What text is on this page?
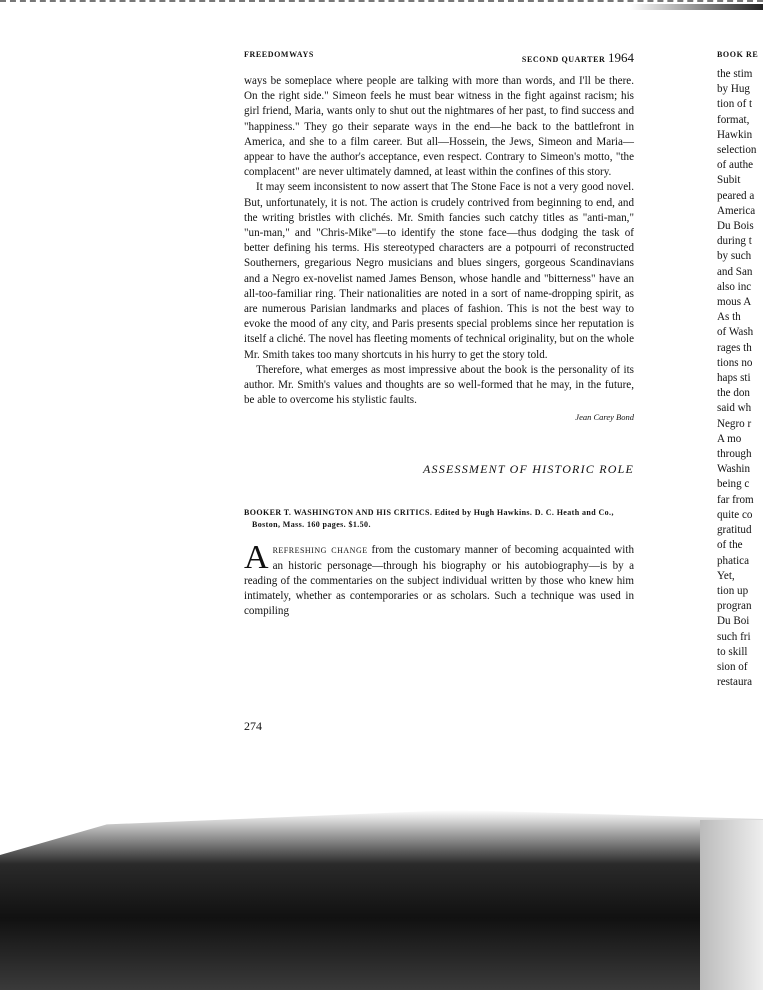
FREEDOMWAYS
SECOND QUARTER 1964

ways be someplace where people are talking with more than words, and I'll be there. On the right side." Simeon feels he must bear witness in the fight against racism; his girl friend, Maria, wants only to shut out the nightmares of her past, to find success and "happiness." They go their separate ways in the end—he back to the battlefront in America, and she to a film career. But all—Hossein, the Jews, Simeon and Maria—appear to have the author's acceptance, even respect. Contrary to Simeon's motto, "the complacent" are never ultimately damned, at least within the confines of this story.

It may seem inconsistent to now assert that The Stone Face is not a very good novel. But, unfortunately, it is not. The action is crudely contrived from beginning to end, and the writing bristles with clichés. Mr. Smith fancies such catchy titles as "anti-man," "un-man," and "Chris-Mike"—to identify the stone face—thus dodging the task of better defining his terms. His stereotyped characters are a potpourri of reconstructed Southerners, gregarious Negro musicians and blues singers, gorgeous Scandinavians and a Negro ex-novelist named James Benson, whose handle and "bitterness" have an all-too-familiar ring. Their nationalities are noted in a sort of name-dropping spirit, as are numerous Parisian landmarks and places of fashion. This is not the best way to evoke the mood of any city, and Paris presents special problems since her reputation is itself a cliché. The novel has fleeting moments of technical originality, but on the whole Mr. Smith takes too many shortcuts in his hurry to get the story told.

Therefore, what emerges as most impressive about the book is the personality of its author. Mr. Smith's values and thoughts are so well-formed that he may, in the future, be able to overcome his stylistic faults.

Jean Carey Bond
ASSESSMENT OF HISTORIC ROLE
BOOKER T. WASHINGTON AND HIS CRITICS. Edited by Hugh Hawkins. D. C. Heath and Co., Boston, Mass. 160 pages. $1.50.

Arefreshing change from the customary manner of becoming acquainted with an historic personage—through his biography or his autobiography—is by a reading of the commentaries on the subject individual written by those who knew him intimately, whether as contemporaries or as scholars. Such a technique was used in compiling

274
BOOK RE
the stim
by Hug
tion of t
format,
Hawkin
selection
of authe
Subit
peared a
America
Du Bois
during t
by such
and San
also inc
mous A
As th
of Wash
rages th
tions no
haps sti
the don
said wh
Negro r
A mo
through
Washin
being c
far from
quite co
gratitud
of the
phatica
Yet,
tion up
progran
Du Boi
such fri
to skill
sion of
restaura
